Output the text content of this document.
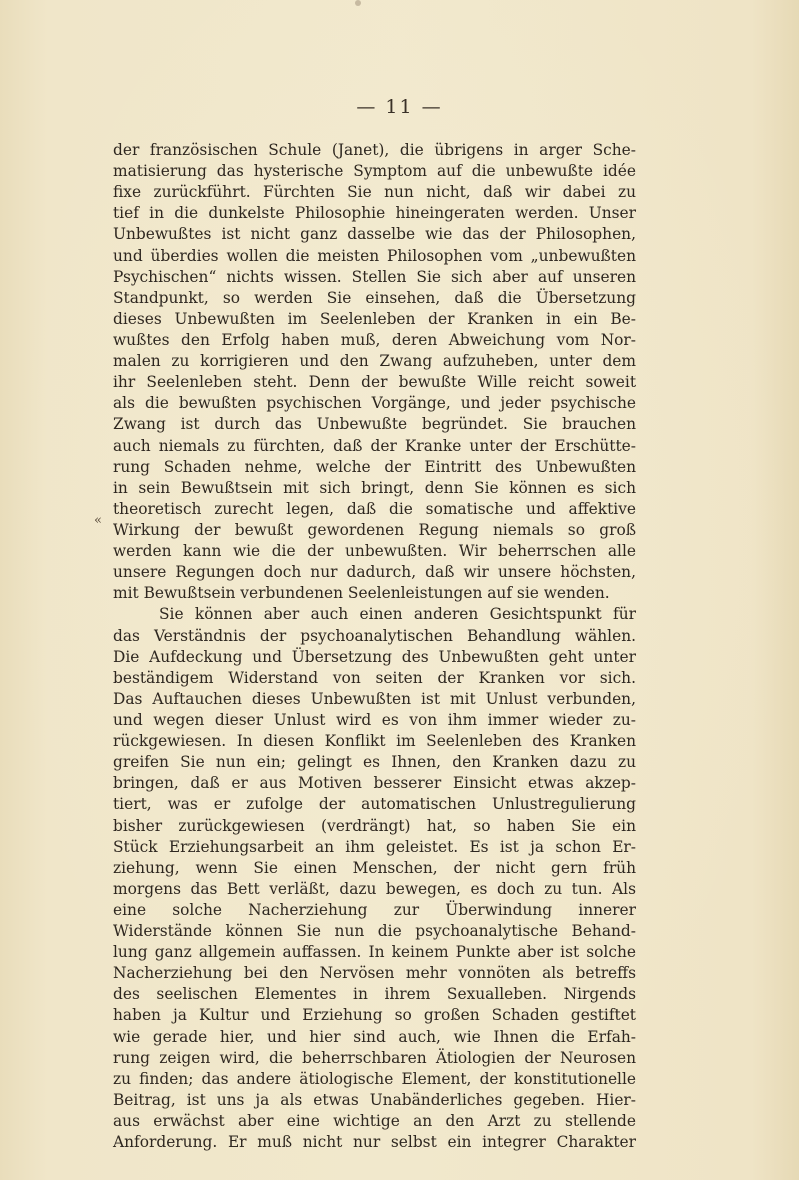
— 11 —
«
der französischen Schule (Janet), die übrigens in arger Sche-
matisierung das hysterische Symptom auf die unbewußte idée
fixe zurückführt. Fürchten Sie nun nicht, daß wir dabei zu
tief in die dunkelste Philosophie hineingeraten werden. Unser
Unbewußtes ist nicht ganz dasselbe wie das der Philosophen,
und überdies wollen die meisten Philosophen vom „unbewußten
Psychischen“ nichts wissen. Stellen Sie sich aber auf unseren
Standpunkt, so werden Sie einsehen, daß die Übersetzung
dieses Unbewußten im Seelenleben der Kranken in ein Be-
wußtes den Erfolg haben muß, deren Abweichung vom Nor-
malen zu korrigieren und den Zwang aufzuheben, unter dem
ihr Seelenleben steht. Denn der bewußte Wille reicht soweit
als die bewußten psychischen Vorgänge, und jeder psychische
Zwang ist durch das Unbewußte begründet. Sie brauchen
auch niemals zu fürchten, daß der Kranke unter der Erschütte-
rung Schaden nehme, welche der Eintritt des Unbewußten
in sein Bewußtsein mit sich bringt, denn Sie können es sich
theoretisch zurecht legen, daß die somatische und affektive
Wirkung der bewußt gewordenen Regung niemals so groß
werden kann wie die der unbewußten. Wir beherrschen alle
unsere Regungen doch nur dadurch, daß wir unsere höchsten,
mit Bewußtsein verbundenen Seelenleistungen auf sie wenden.
Sie können aber auch einen anderen Gesichtspunkt für
das Verständnis der psychoanalytischen Behandlung wählen.
Die Aufdeckung und Übersetzung des Unbewußten geht unter
beständigem Widerstand von seiten der Kranken vor sich.
Das Auftauchen dieses Unbewußten ist mit Unlust verbunden,
und wegen dieser Unlust wird es von ihm immer wieder zu-
rückgewiesen. In diesen Konflikt im Seelenleben des Kranken
greifen Sie nun ein; gelingt es Ihnen, den Kranken dazu zu
bringen, daß er aus Motiven besserer Einsicht etwas akzep-
tiert, was er zufolge der automatischen Unlustregulierung
bisher zurückgewiesen (verdrängt) hat, so haben Sie ein
Stück Erziehungsarbeit an ihm geleistet. Es ist ja schon Er-
ziehung, wenn Sie einen Menschen, der nicht gern früh
morgens das Bett verläßt, dazu bewegen, es doch zu tun. Als
eine solche Nacherziehung zur Überwindung innerer
Widerstände können Sie nun die psychoanalytische Behand-
lung ganz allgemein auffassen. In keinem Punkte aber ist solche
Nacherziehung bei den Nervösen mehr vonnöten als betreffs
des seelischen Elementes in ihrem Sexualleben. Nirgends
haben ja Kultur und Erziehung so großen Schaden gestiftet
wie gerade hier, und hier sind auch, wie Ihnen die Erfah-
rung zeigen wird, die beherrschbaren Ätiologien der Neurosen
zu finden; das andere ätiologische Element, der konstitutionelle
Beitrag, ist uns ja als etwas Unabänderliches gegeben. Hier-
aus erwächst aber eine wichtige an den Arzt zu stellende
Anforderung. Er muß nicht nur selbst ein integrer Charakter
